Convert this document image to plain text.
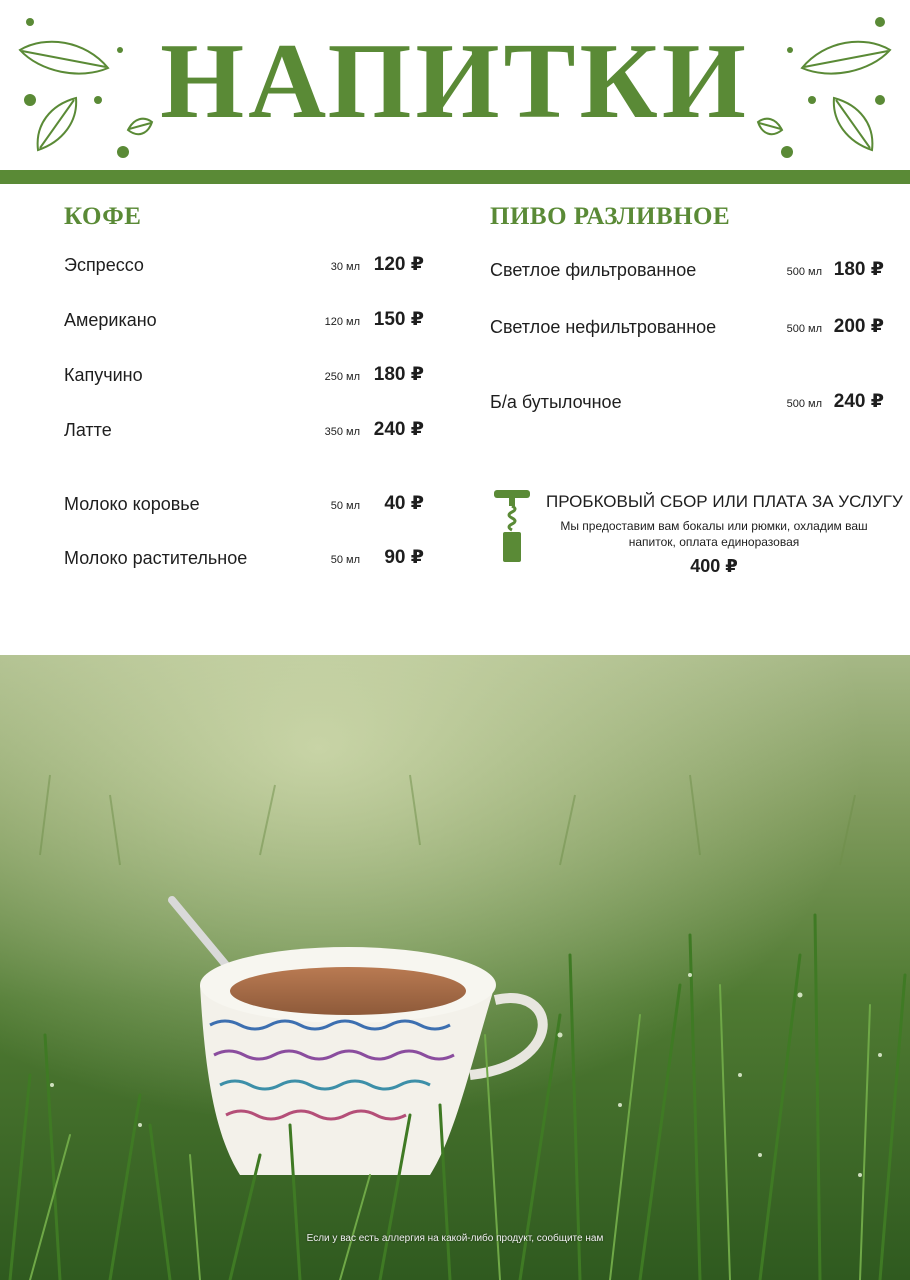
НАПИТКИ
КОФЕ
Эспрессо	30 мл 120 ₽
Американо	120 мл 150 ₽
Капучино	250 мл 180 ₽
Латте	350 мл 240 ₽
Молоко коровье	50 мл	40 ₽
Молоко растительное	50 мл	90 ₽
ПИВО РАЗЛИВНОЕ
Светлое фильтрованное	500 мл 180 ₽
Светлое нефильтрованное	500 мл 200 ₽
Б/а бутылочное	500 мл 240 ₽
ПРОБКОВЫЙ СБОР ИЛИ ПЛАТА ЗА УСЛУГУ
Мы предоставим вам бокалы или рюмки, охладим ваш напиток, оплата единоразовая
400 ₽
Если у вас есть аллергия на какой-либо продукт, сообщите нам
